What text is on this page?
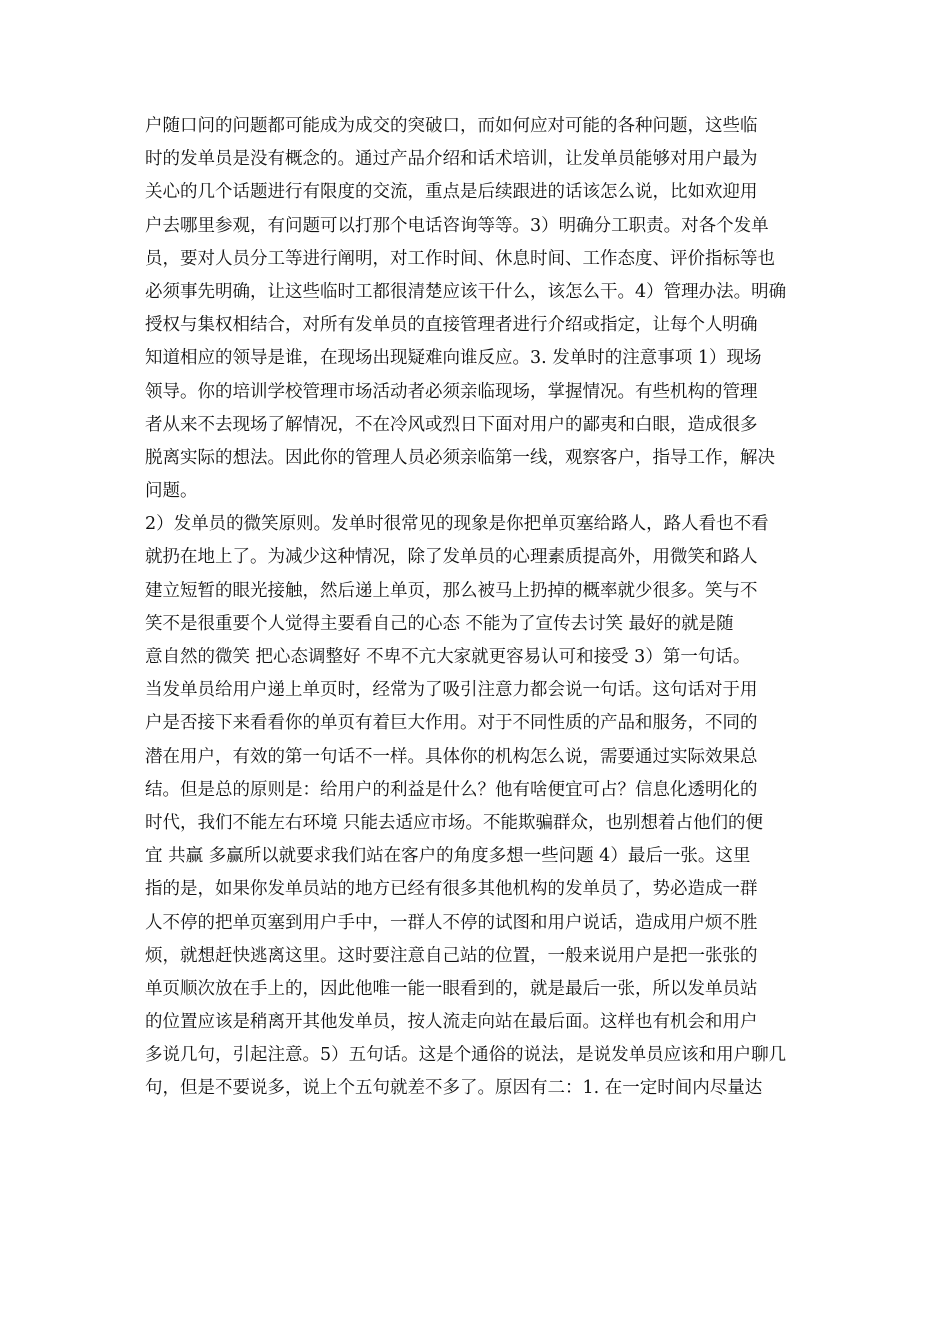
户随口问的问题都可能成为成交的突破口，而如何应对可能的各种问题，这些临
时的发单员是没有概念的。通过产品介绍和话术培训，让发单员能够对用户最为
关心的几个话题进行有限度的交流，重点是后续跟进的话该怎么说，比如欢迎用
户去哪里参观，有问题可以打那个电话咨询等等。3）明确分工职责。对各个发单
员，要对人员分工等进行阐明，对工作时间、休息时间、工作态度、评价指标等也
必须事先明确，让这些临时工都很清楚应该干什么，该怎么干。4）管理办法。明确
授权与集权相结合，对所有发单员的直接管理者进行介绍或指定，让每个人明确
知道相应的领导是谁，在现场出现疑难向谁反应。3. 发单时的注意事项 1）现场
领导。你的培训学校管理市场活动者必须亲临现场，掌握情况。有些机构的管理
者从来不去现场了解情况，不在冷风或烈日下面对用户的鄙夷和白眼，造成很多
脱离实际的想法。因此你的管理人员必须亲临第一线，观察客户，指导工作，解决
问题。
2）发单员的微笑原则。发单时很常见的现象是你把单页塞给路人，路人看也不看
就扔在地上了。为减少这种情况，除了发单员的心理素质提高外，用微笑和路人
建立短暂的眼光接触，然后递上单页，那么被马上扔掉的概率就少很多。笑与不
笑不是很重要个人觉得主要看自己的心态 不能为了宣传去讨笑 最好的就是随
意自然的微笑 把心态调整好 不卑不亢大家就更容易认可和接受 3）第一句话。
当发单员给用户递上单页时，经常为了吸引注意力都会说一句话。这句话对于用
户是否接下来看看你的单页有着巨大作用。对于不同性质的产品和服务，不同的
潜在用户，有效的第一句话不一样。具体你的机构怎么说，需要通过实际效果总
结。但是总的原则是：给用户的利益是什么？他有啥便宜可占？信息化透明化的
时代，我们不能左右环境 只能去适应市场。不能欺骗群众，也别想着占他们的便
宜 共赢 多赢所以就要求我们站在客户的角度多想一些问题 4）最后一张。这里
指的是，如果你发单员站的地方已经有很多其他机构的发单员了，势必造成一群
人不停的把单页塞到用户手中，一群人不停的试图和用户说话，造成用户烦不胜
烦，就想赶快逃离这里。这时要注意自己站的位置，一般来说用户是把一张张的
单页顺次放在手上的，因此他唯一能一眼看到的，就是最后一张，所以发单员站
的位置应该是稍离开其他发单员，按人流走向站在最后面。这样也有机会和用户
多说几句，引起注意。5）五句话。这是个通俗的说法，是说发单员应该和用户聊几
句，但是不要说多，说上个五句就差不多了。原因有二：1. 在一定时间内尽量达
